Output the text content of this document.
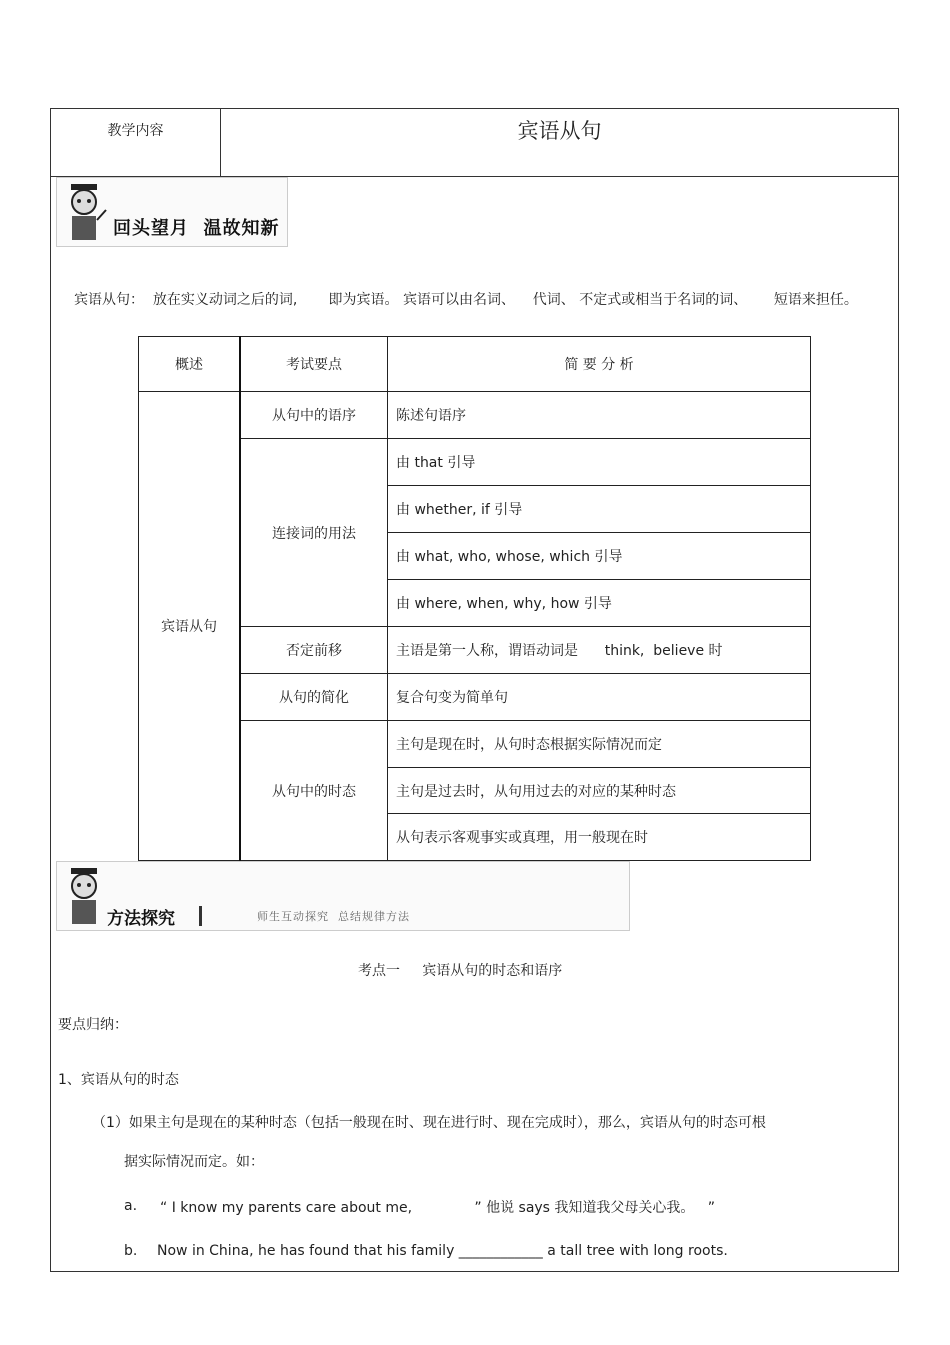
教学内容	宾语从句
回头望月  温故知新
宾语从句：  放在实义动词之后的词,       即为宾语。 宾语可以由名词、    代词、 不定式或相当于名词的词、      短语来担任。
概述	考试要点	简 要 分 析
宾语从句	从句中的语序	陈述句语序
	连接词的用法	由 that 引导
		由 whether, if 引导
		由 what, who, whose, which 引导
		由 where, when, why, how 引导
	否定前移	主语是第一人称，谓语动词是      think,  believe 时
	从句的简化	复合句变为简单句
	从句中的时态	主句是现在时，从句时态根据实际情况而定
		主句是过去时，从句用过去的对应的某种时态
		从句表示客观事实或真理，用一般现在时
方法探究	师生互动探究  总结规律方法
考点一     宾语从句的时态和语序
要点归纳：
1、宾语从句的时态
（1）如果主句是现在的某种时态（包括一般现在时、现在进行时、现在完成时），那么，宾语从句的时态可根
据实际情况而定。如：
a. “ I know my parents care about me,              ” 他说 says 我知道我父母关心我。   ”
b. Now in China, he has found that his family ____________ a tall tree with long roots.
